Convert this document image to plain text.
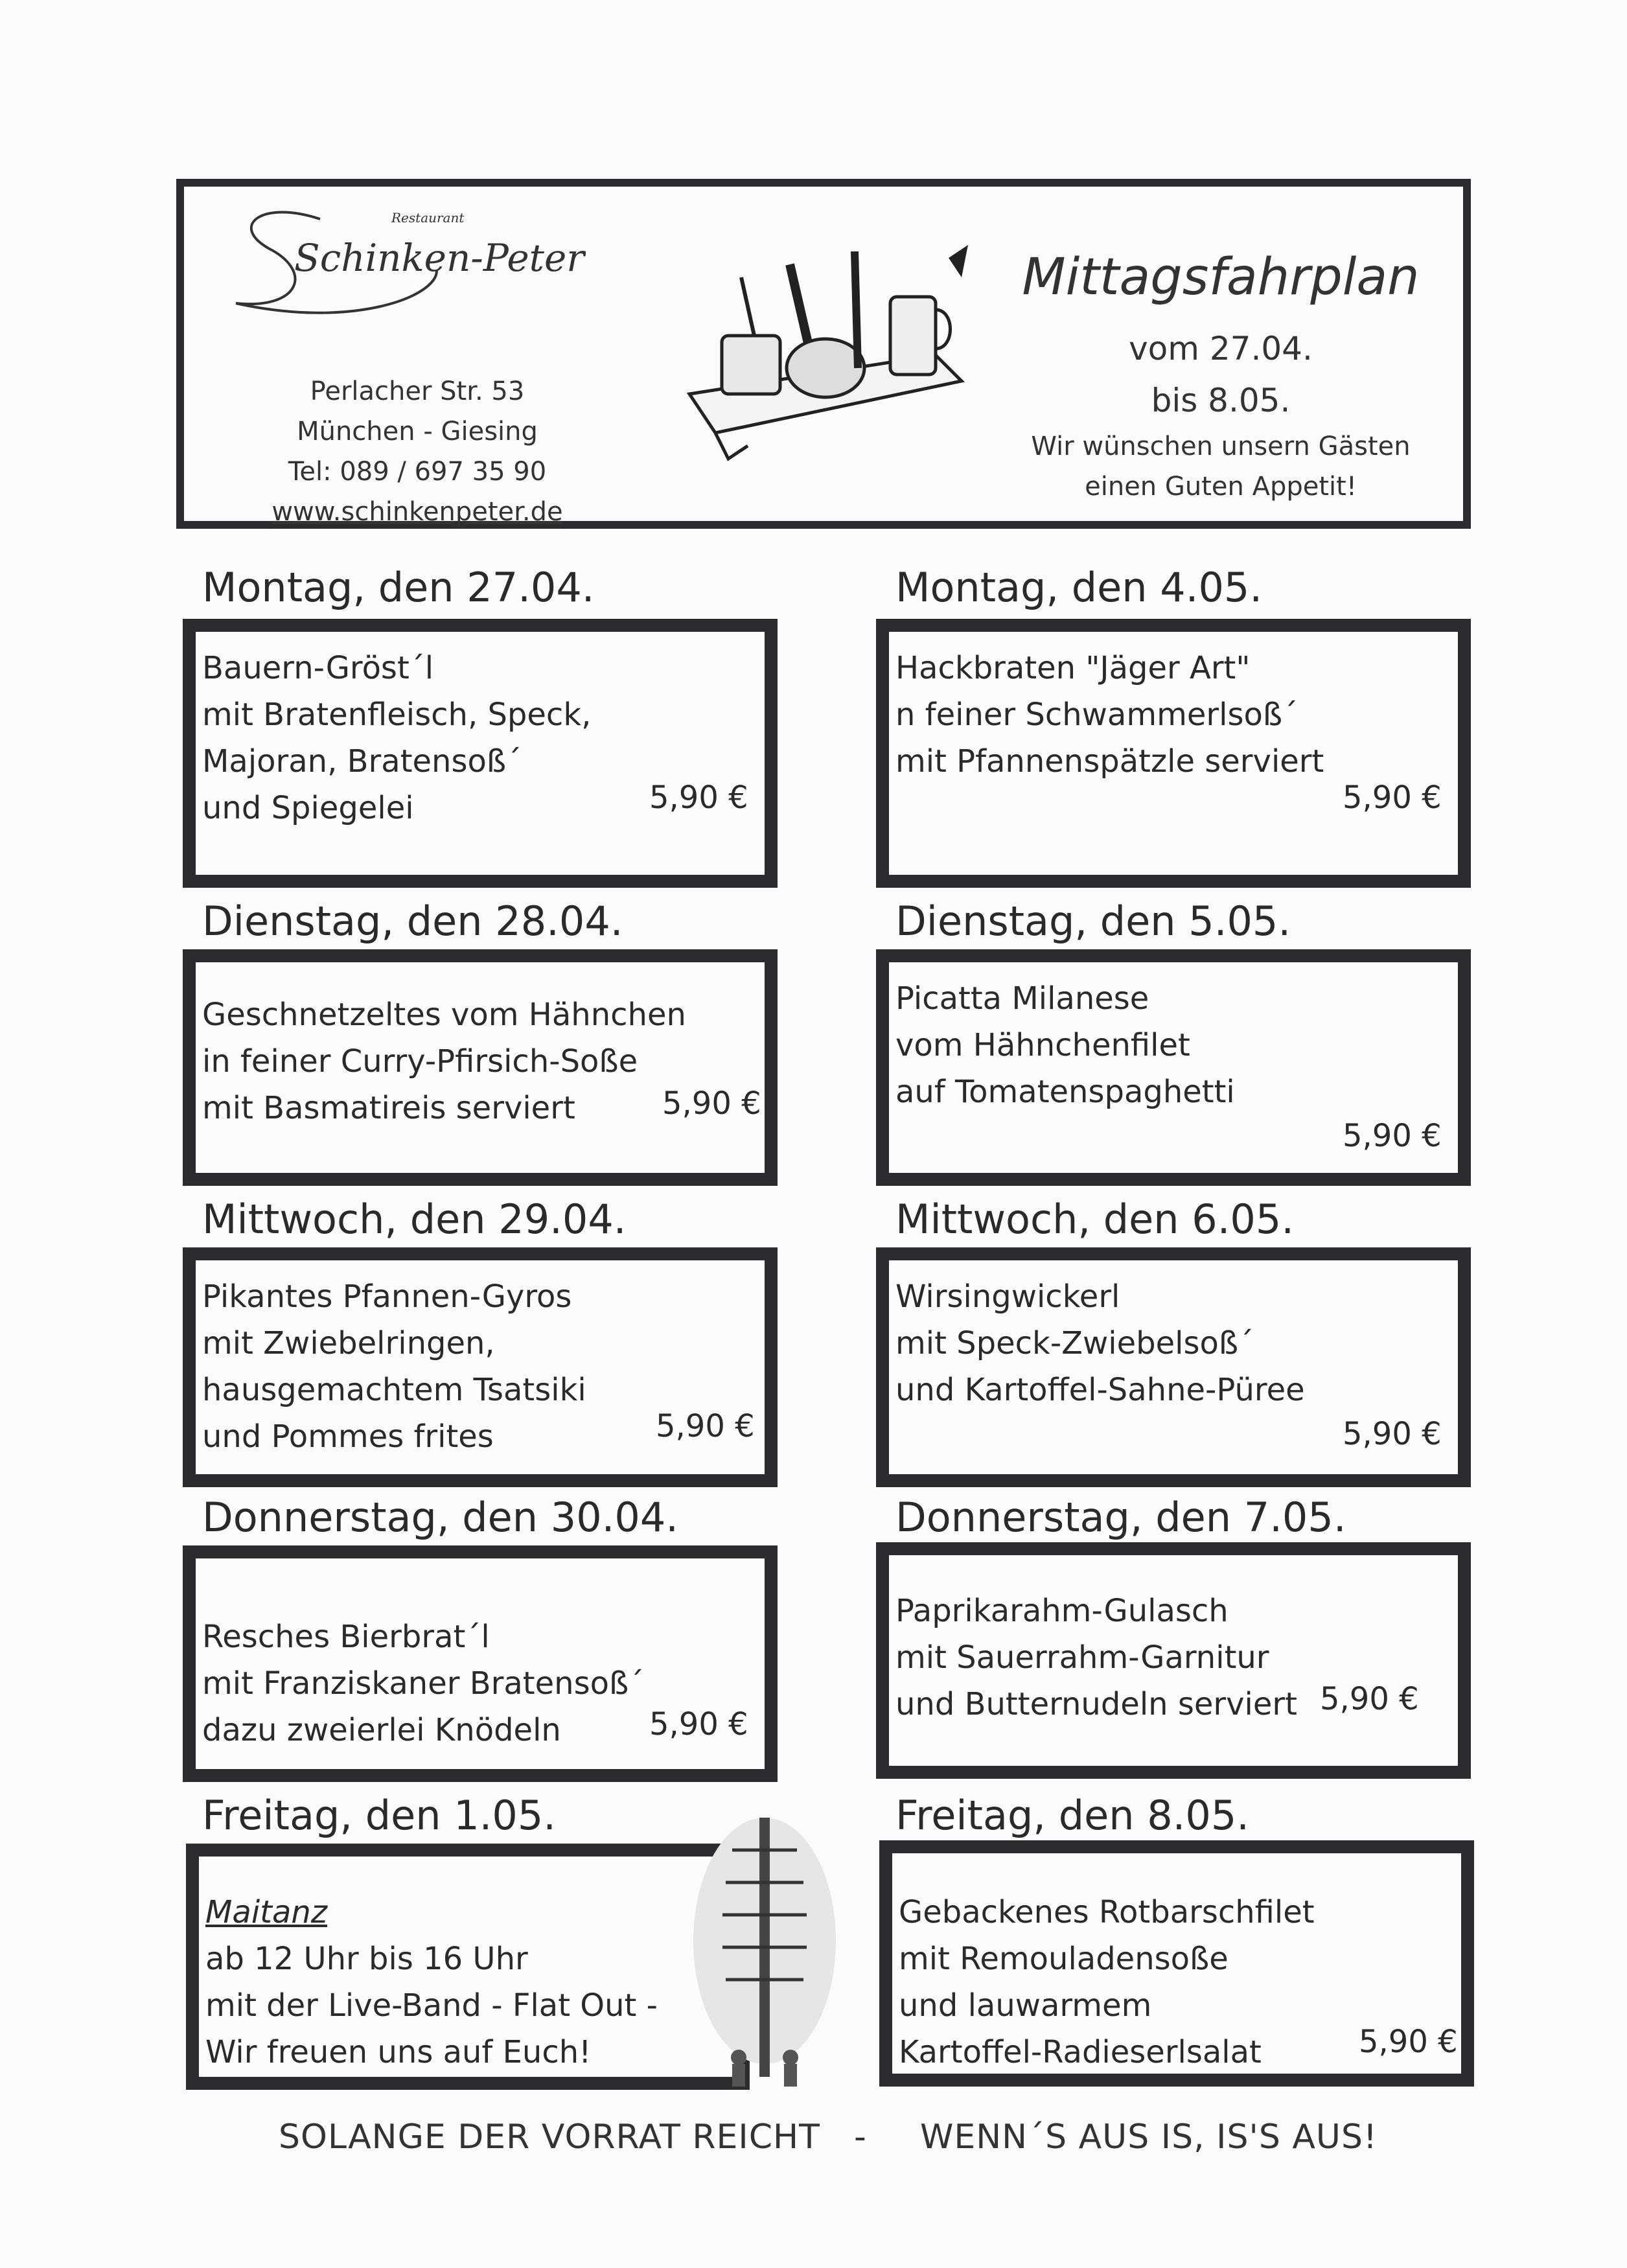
Restaurant
Schinken-Peter
Perlacher Str. 53
München - Giesing
Tel: 089 / 697 35 90
www.schinkenpeter.de
Mittagsfahrplan
vom 27.04.
bis 8.05.
Wir wünschen unsern Gästen
einen Guten Appetit!
Montag, den 27.04.
Bauern-Gröst´l
mit Bratenfleisch, Speck,
Majoran, Bratensoß´
und Spiegelei	5,90 €
Dienstag, den 28.04.
Geschnetzeltes vom Hähnchen
in feiner Curry-Pfirsich-Soße
mit Basmatireis serviert	5,90 €
Mittwoch, den 29.04.
Pikantes Pfannen-Gyros
mit Zwiebelringen,
hausgemachtem Tsatsiki
und Pommes frites	5,90 €
Donnerstag, den 30.04.
Resches Bierbrat´l
mit Franziskaner Bratensoß´
dazu zweierlei Knödeln	5,90 €
Freitag, den 1.05.
Maitanz
ab 12 Uhr bis 16 Uhr
mit der Live-Band - Flat Out -
Wir freuen uns auf Euch!
Montag, den 4.05.
Hackbraten "Jäger Art"
n feiner Schwammerlsoß´
mit Pfannenspätzle serviert
5,90 €
Dienstag, den 5.05.
Picatta Milanese
vom Hähnchenfilet
auf Tomatenspaghetti
5,90 €
Mittwoch, den 6.05.
Wirsingwickerl
mit Speck-Zwiebelsoß´
und Kartoffel-Sahne-Püree
5,90 €
Donnerstag, den 7.05.
Paprikarahm-Gulasch
mit Sauerrahm-Garnitur
und Butternudeln serviert 5,90 €
Freitag, den 8.05.
Gebackenes Rotbarschfilet
mit Remouladensoße
und lauwarmem
Kartoffel-Radieserlsalat	5,90 €
SOLANGE DER VORRAT REICHT - WENN´S AUS IS, IS'S AUS!
